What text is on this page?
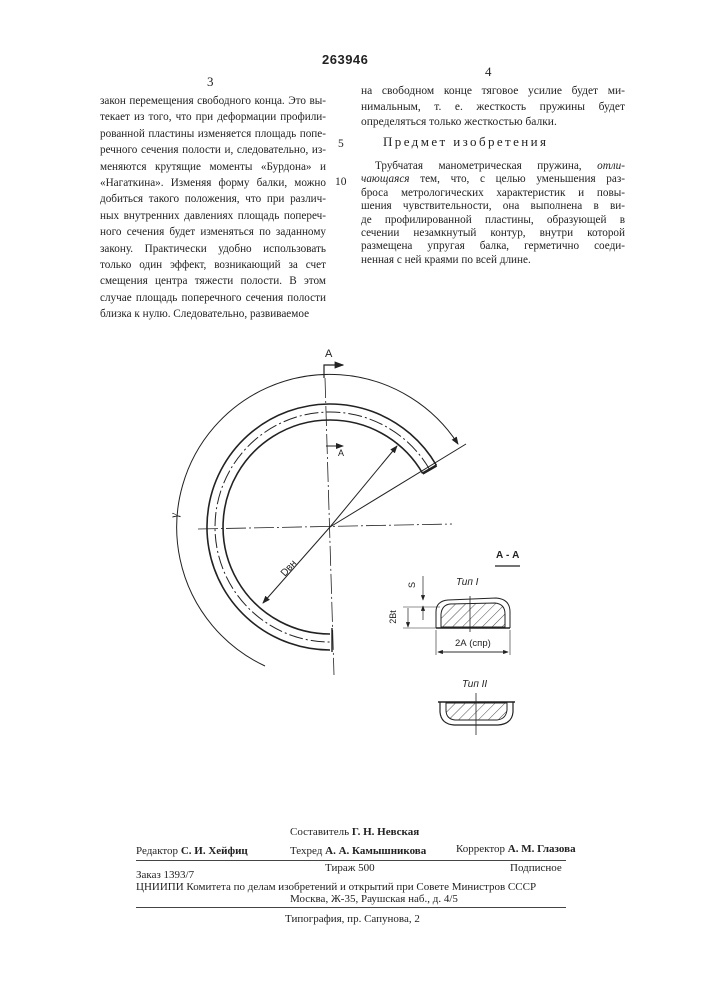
263946
3
4
закон перемещения свободного конца. Это вы-
текает из того, что при деформации профили-
рованной пластины изменяется площадь попе-
речного сечения полости и, следовательно, из-
меняются крутящие моменты «Бурдона» и
«Нагаткина». Изменяя форму балки, можно
добиться такого положения, что при различ-
ных внутренних давлениях площадь попереч-
ного сечения будет изменяться по заданному
закону. Практически удобно использовать
только один эффект, возникающий за счет
смещения центра тяжести полости. В этом
случае площадь поперечного сечения полости
близка к нулю. Следовательно, развиваемое
на свободном конце тяговое усилие будет ми-
нимальным, т. е. жесткость пружины будет
определяться только жесткостью балки.
Предмет изобретения
5
10
Трубчатая манометрическая пружина, отли-
чающаяся тем, что, с целью уменьшения раз-
броса метрологических характеристик и повы-
шения чувствительности, она выполнена в ви-
де профилированной пластины, образующей в
сечении незамкнутый контур, внутри которой
размещена упругая балка, герметично соеди-
ненная с ней краями по всей длине.
А
А
Dвн
γ
А - А
Тип I
Тип II
S
2Вt
2А (спр)
Составитель Г. Н. Невская
Редактор С. И. Хейфиц	Техред А. А. Камышникова	Корректор А. М. Глазова
Тираж 500	Подписное
Заказ 1393/7
ЦНИИПИ Комитета по делам изобретений и открытий при Совете Министров СССР
Москва, Ж-35, Раушская наб., д. 4/5
Типография, пр. Сапунова, 2
